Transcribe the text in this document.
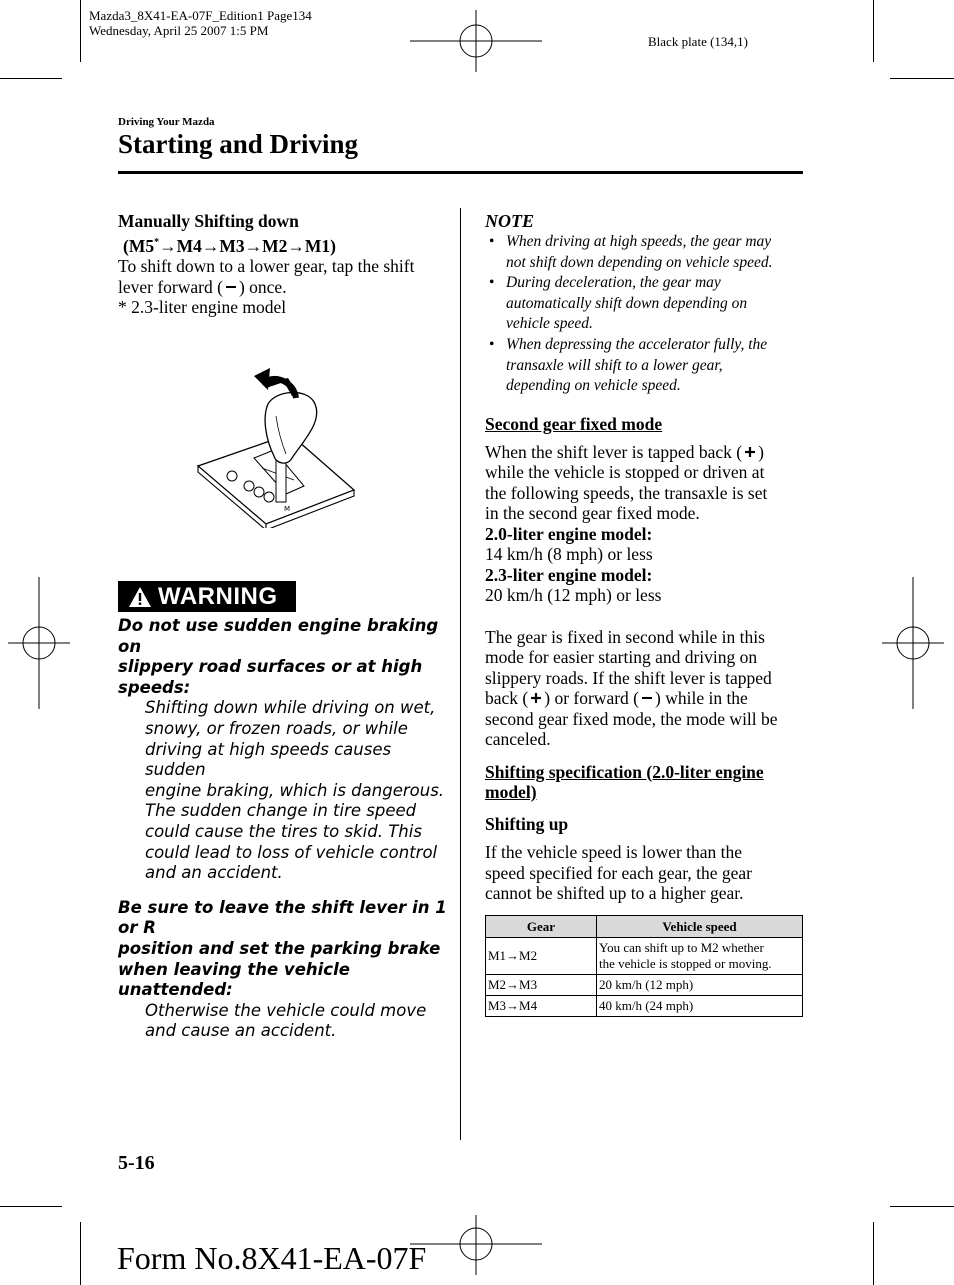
Mazda3_8X41-EA-07F_Edition1 Page134
Wednesday, April 25 2007 1:5 PM
Black plate (134,1)
Driving Your Mazda
Starting and Driving
Manually Shifting down
(M5*→M4→M3→M2→M1)
To shift down to a lower gear, tap the shift
lever forward ( ) once.
* 2.3-liter engine model
M
WARNING
Do not use sudden engine braking on
slippery road surfaces or at high
speeds:
Shifting down while driving on wet,
snowy, or frozen roads, or while
driving at high speeds causes sudden
engine braking, which is dangerous.
The sudden change in tire speed
could cause the tires to skid. This
could lead to loss of vehicle control
and an accident.
Be sure to leave the shift lever in 1 or R
position and set the parking brake
when leaving the vehicle unattended:
Otherwise the vehicle could move
and cause an accident.
NOTE
• When driving at high speeds, the gear may
not shift down depending on vehicle speed.
• During deceleration, the gear may
automatically shift down depending on
vehicle speed.
• When depressing the accelerator fully, the
transaxle will shift to a lower gear,
depending on vehicle speed.
Second gear fixed mode
When the shift lever is tapped back ( )
while the vehicle is stopped or driven at
the following speeds, the transaxle is set
in the second gear fixed mode.
2.0-liter engine model:
14 km/h (8 mph) or less
2.3-liter engine model:
20 km/h (12 mph) or less
The gear is fixed in second while in this
mode for easier starting and driving on
slippery roads. If the shift lever is tapped
back ( ) or forward ( ) while in the
second gear fixed mode, the mode will be
canceled.
Shifting specification (2.0-liter engine
model)
Shifting up
If the vehicle speed is lower than the
speed specified for each gear, the gear
cannot be shifted up to a higher gear.
Gear	Vehicle speed
M1→M2	You can shift up to M2 whether
the vehicle is stopped or moving.

M2→M3	20 km/h (12 mph)
M3→M4	40 km/h (24 mph)
5-16
Form No.8X41-EA-07F
